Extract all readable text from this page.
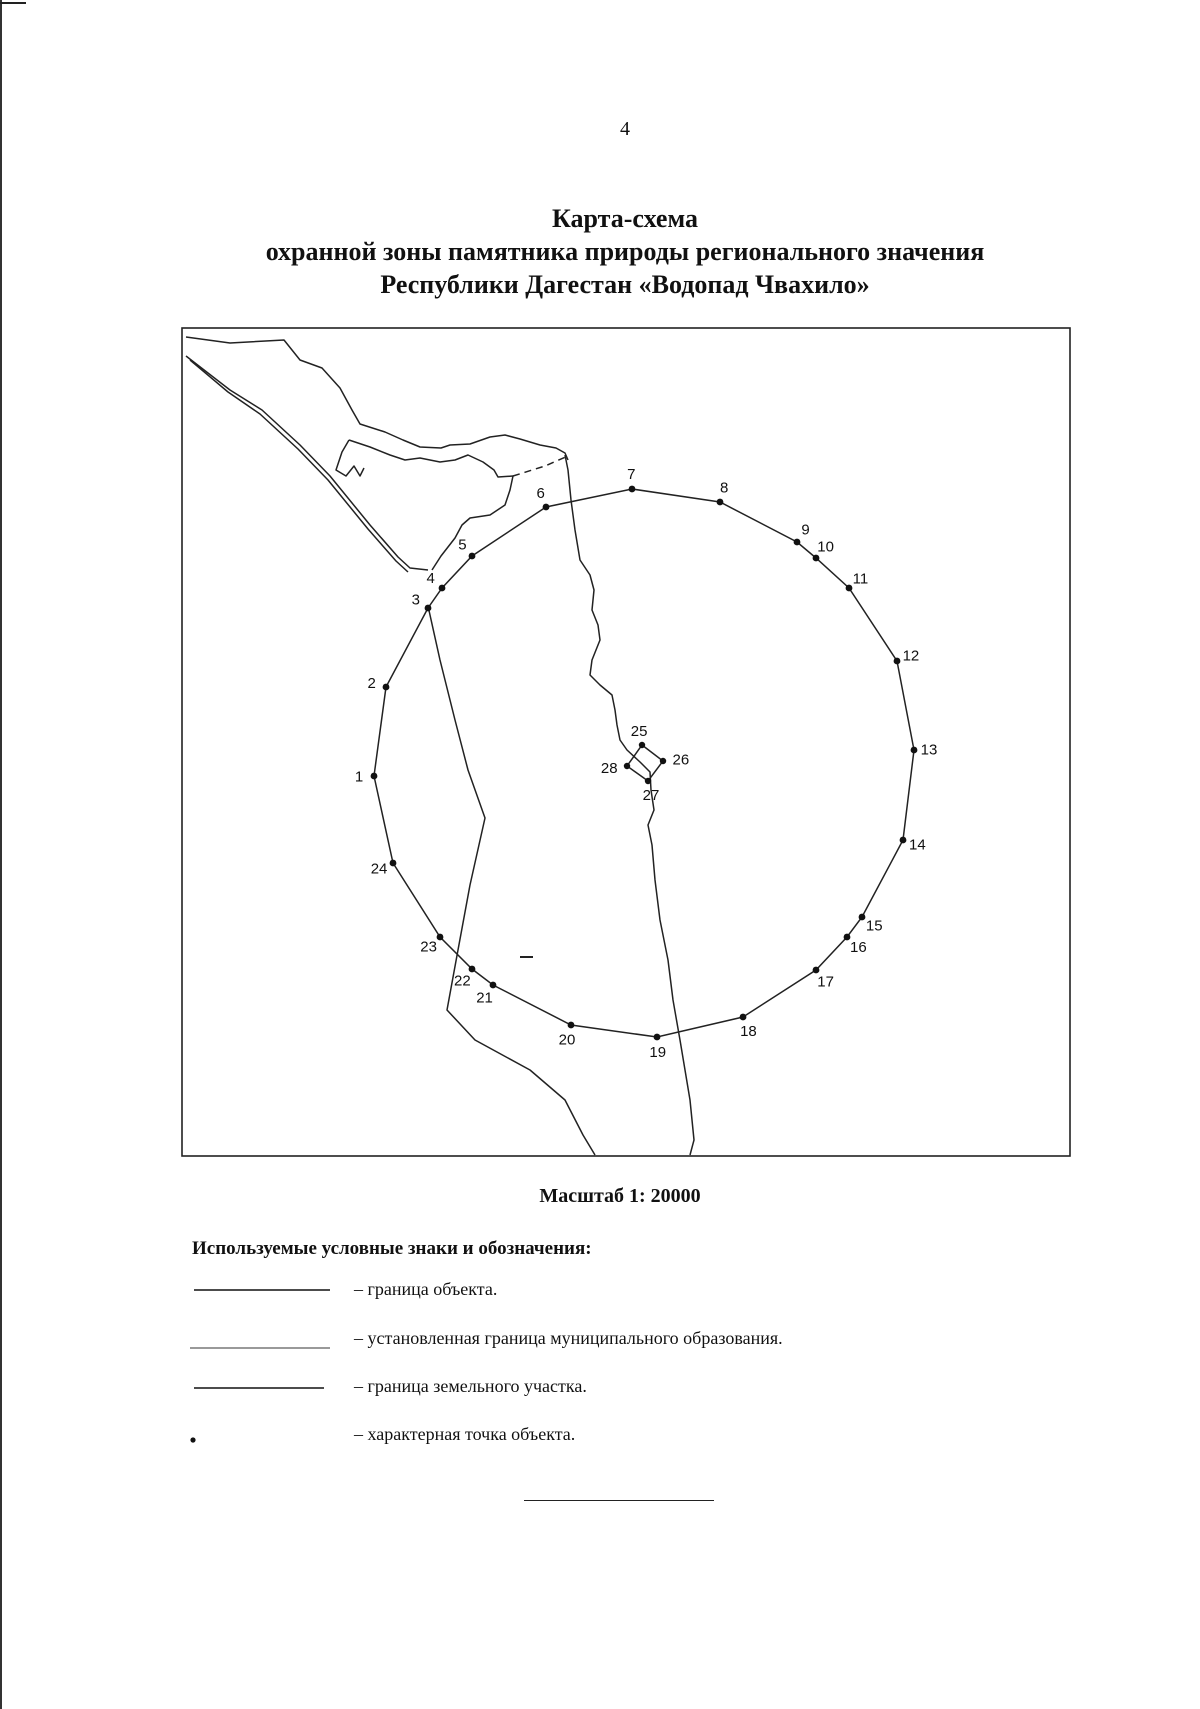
4
Карта-схема
охранной зоны памятника природы регионального значения
Республики Дагестан «Водопад Чвахило»
1
2
3
4
5
6
7
8
9
10
11
12
13
14
15
16
17
18
19
20
21
22
23
24
25
26
27
28
Масштаб 1: 20000
Используемые условные знаки и обозначения:
– граница объекта.
– установленная граница муниципального образования.
– граница земельного участка.
– характерная точка объекта.
